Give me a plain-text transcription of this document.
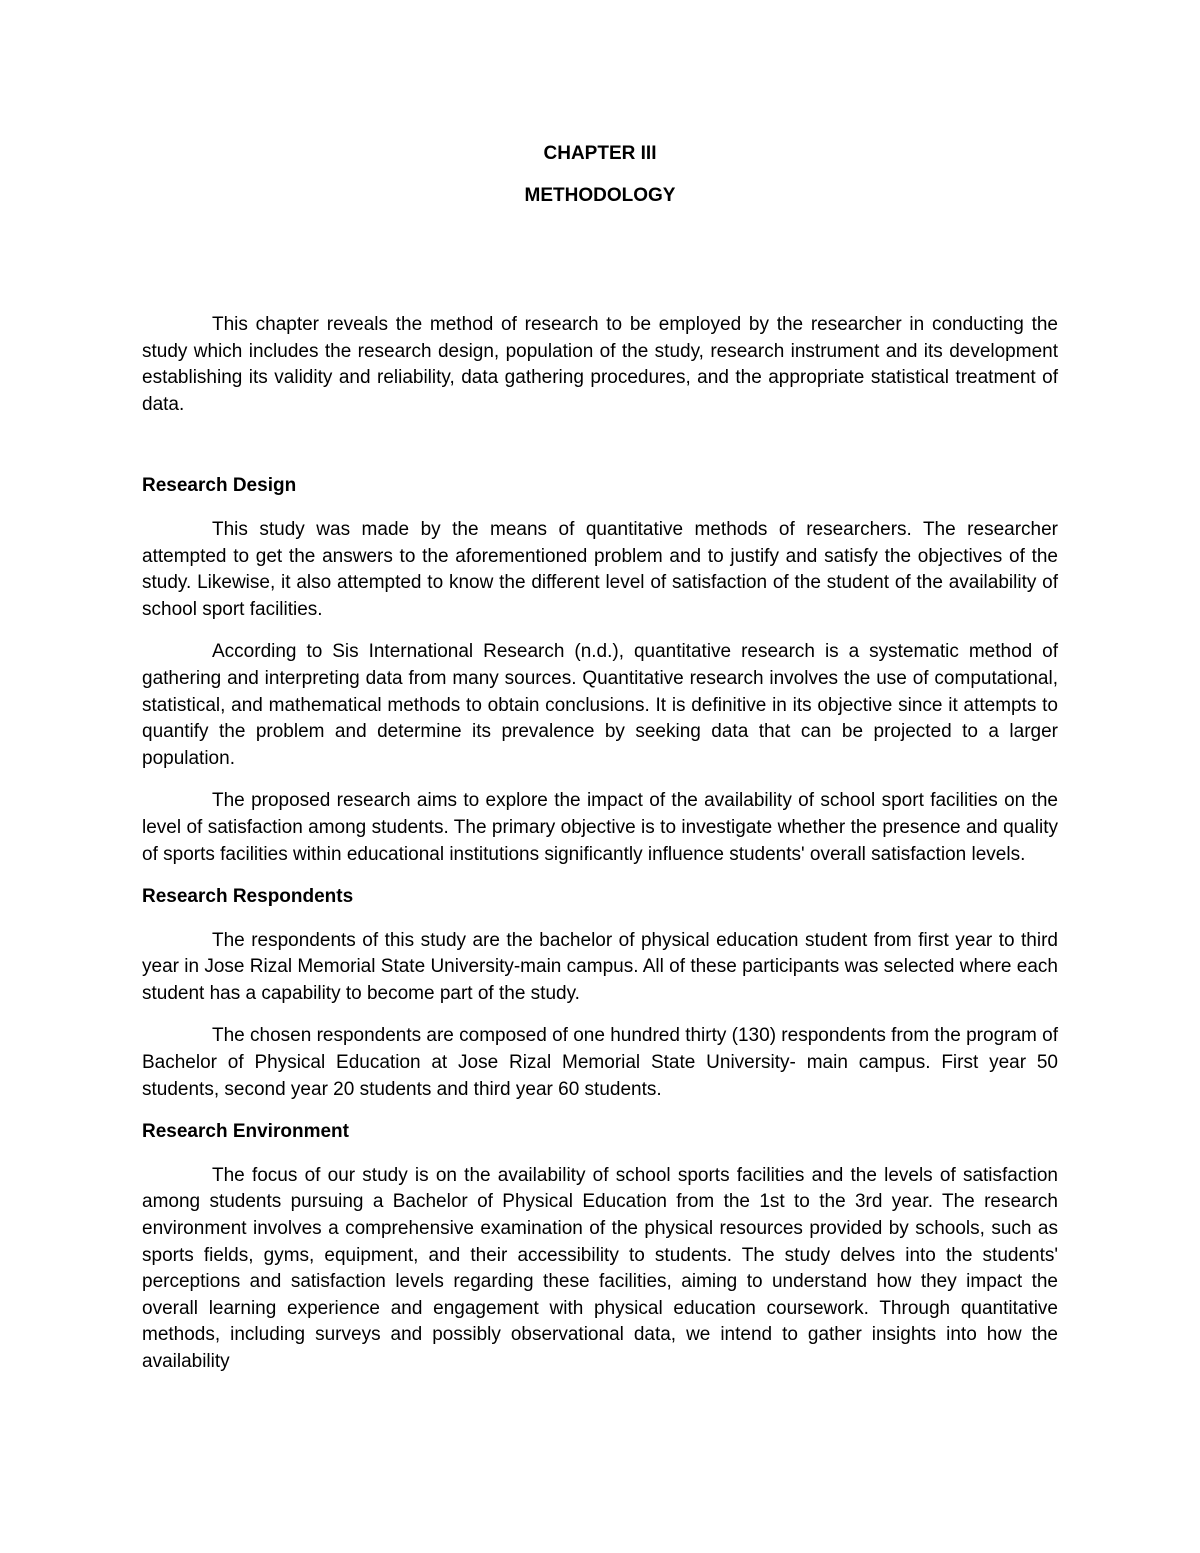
CHAPTER III
METHODOLOGY

This chapter reveals the method of research to be employed by the researcher in conducting the study which includes the research design, population of the study, research instrument and its development establishing its validity and reliability, data gathering procedures, and the appropriate statistical treatment of data.

Research Design

This study was made by the means of quantitative methods of researchers. The researcher attempted to get the answers to the aforementioned problem and to justify and satisfy the objectives of the study. Likewise, it also attempted to know the different level of satisfaction of the student of the availability of school sport facilities.

According to Sis International Research (n.d.), quantitative research is a systematic method of gathering and interpreting data from many sources. Quantitative research involves the use of computational, statistical, and mathematical methods to obtain conclusions. It is definitive in its objective since it attempts to quantify the problem and determine its prevalence by seeking data that can be projected to a larger population.

The proposed research aims to explore the impact of the availability of school sport facilities on the level of satisfaction among students. The primary objective is to investigate whether the presence and quality of sports facilities within educational institutions significantly influence students' overall satisfaction levels.

Research Respondents

The respondents of this study are the bachelor of physical education student from first year to third year in Jose Rizal Memorial State University-main campus. All of these participants was selected where each student has a capability to become part of the study.

The chosen respondents are composed of one hundred thirty (130) respondents from the program of Bachelor of Physical Education at Jose Rizal Memorial State University- main campus. First year 50 students, second year 20 students and third year 60 students.

Research Environment

The focus of our study is on the availability of school sports facilities and the levels of satisfaction among students pursuing a Bachelor of Physical Education from the 1st to the 3rd year. The research environment involves a comprehensive examination of the physical resources provided by schools, such as sports fields, gyms, equipment, and their accessibility to students. The study delves into the students' perceptions and satisfaction levels regarding these facilities, aiming to understand how they impact the overall learning experience and engagement with physical education coursework. Through quantitative methods, including surveys and possibly observational data, we intend to gather insights into how the availability
